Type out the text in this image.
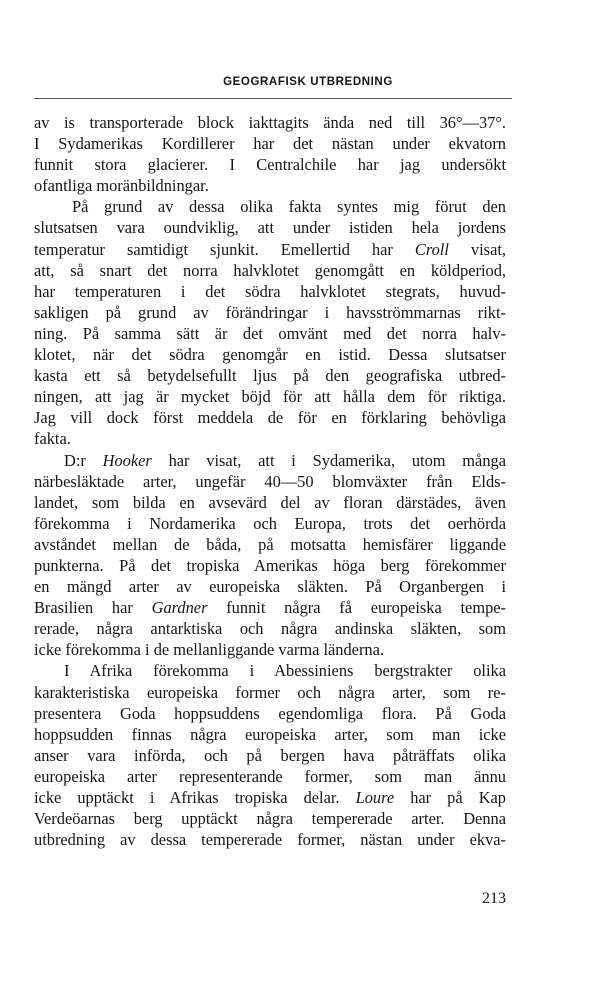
GEOGRAFISK UTBREDNING
av is transporterade block iakttagits ända ned till 36°—37°.
I Sydamerikas Kordillerer har det nästan under ekvatorn
funnit stora glacierer. I Centralchile har jag undersökt
ofantliga moränbildningar.
På grund av dessa olika fakta syntes mig förut den
slutsatsen vara oundviklig, att under istiden hela jordens
temperatur samtidigt sjunkit. Emellertid har Croll visat,
att, så snart det norra halvklotet genomgått en köldperiod,
har temperaturen i det södra halvklotet stegrats, huvud-
sakligen på grund av förändringar i havsströmmarnas rikt-
ning. På samma sätt är det omvänt med det norra halv-
klotet, när det södra genomgår en istid. Dessa slutsatser
kasta ett så betydelsefullt ljus på den geografiska utbred-
ningen, att jag är mycket böjd för att hålla dem för riktiga.
Jag vill dock först meddela de för en förklaring behövliga
fakta.
D:r Hooker har visat, att i Sydamerika, utom många
närbesläktade arter, ungefär 40—50 blomväxter från Elds-
landet, som bilda en avsevärd del av floran därstädes, även
förekomma i Nordamerika och Europa, trots det oerhörda
avståndet mellan de båda, på motsatta hemisfärer liggande
punkterna. På det tropiska Amerikas höga berg förekommer
en mängd arter av europeiska släkten. På Organbergen i
Brasilien har Gardner funnit några få europeiska tempe-
rerade, några antarktiska och några andinska släkten, som
icke förekomma i de mellanliggande varma länderna.
I Afrika förekomma i Abessiniens bergstrakter olika
karakteristiska europeiska former och några arter, som re-
presentera Goda hoppsuddens egendomliga flora. På Goda
hoppsudden finnas några europeiska arter, som man icke
anser vara införda, och på bergen hava påträffats olika
europeiska arter representerande former, som man ännu
icke upptäckt i Afrikas tropiska delar. Loure har på Kap
Verdeöarnas berg upptäckt några tempererade arter. Denna
utbredning av dessa tempererade former, nästan under ekva-
213
